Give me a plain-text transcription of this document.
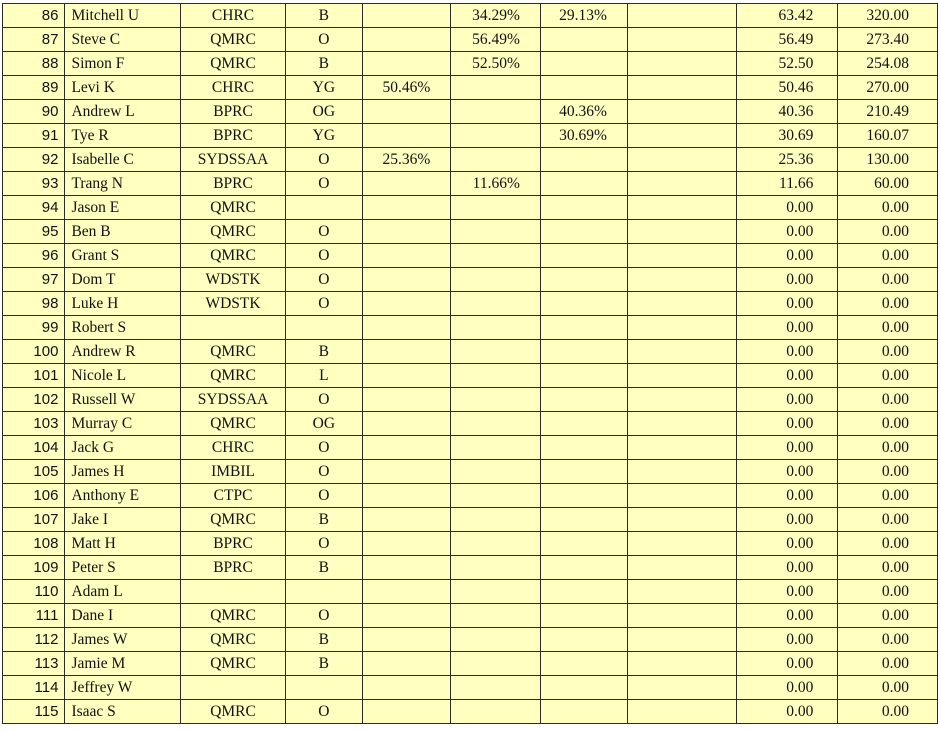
86	Mitchell U	CHRC	B		34.29%	29.13%		63.42	320.00
87	Steve C	QMRC	O		56.49%			56.49	273.40
88	Simon F	QMRC	B		52.50%			52.50	254.08
89	Levi K	CHRC	YG	50.46%				50.46	270.00
90	Andrew L	BPRC	OG			40.36%		40.36	210.49
91	Tye R	BPRC	YG			30.69%		30.69	160.07
92	Isabelle C	SYDSSAA	O	25.36%				25.36	130.00
93	Trang N	BPRC	O		11.66%			11.66	60.00
94	Jason E	QMRC						0.00	0.00
95	Ben B	QMRC	O					0.00	0.00
96	Grant S	QMRC	O					0.00	0.00
97	Dom T	WDSTK	O					0.00	0.00
98	Luke H	WDSTK	O					0.00	0.00
99	Robert S							0.00	0.00
100	Andrew R	QMRC	B					0.00	0.00
101	Nicole L	QMRC	L					0.00	0.00
102	Russell W	SYDSSAA	O					0.00	0.00
103	Murray C	QMRC	OG					0.00	0.00
104	Jack G	CHRC	O					0.00	0.00
105	James H	IMBIL	O					0.00	0.00
106	Anthony E	CTPC	O					0.00	0.00
107	Jake I	QMRC	B					0.00	0.00
108	Matt H	BPRC	O					0.00	0.00
109	Peter S	BPRC	B					0.00	0.00
110	Adam L							0.00	0.00
111	Dane I	QMRC	O					0.00	0.00
112	James W	QMRC	B					0.00	0.00
113	Jamie M	QMRC	B					0.00	0.00
114	Jeffrey W							0.00	0.00
115	Isaac S	QMRC	O					0.00	0.00
